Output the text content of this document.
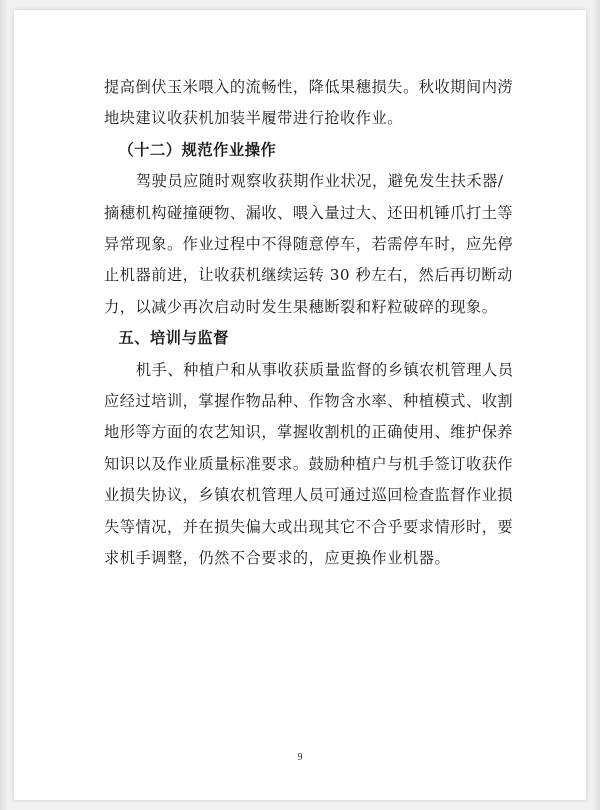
提高倒伏玉米喂入的流畅性，降低果穗损失。秋收期间内涝
地块建议收获机加装半履带进行抢收作业。

（十二）规范作业操作

驾驶员应随时观察收获期作业状况，避免发生扶禾器/
摘穗机构碰撞硬物、漏收、喂入量过大、还田机锤爪打土等
异常现象。作业过程中不得随意停车，若需停车时，应先停
止机器前进，让收获机继续运转 30 秒左右，然后再切断动
力，以减少再次启动时发生果穗断裂和籽粒破碎的现象。

五、培训与监督

机手、种植户和从事收获质量监督的乡镇农机管理人员
应经过培训，掌握作物品种、作物含水率、种植模式、收割
地形等方面的农艺知识，掌握收割机的正确使用、维护保养
知识以及作业质量标准要求。鼓励种植户与机手签订收获作
业损失协议，乡镇农机管理人员可通过巡回检查监督作业损
失等情况，并在损失偏大或出现其它不合乎要求情形时，要
求机手调整，仍然不合要求的，应更换作业机器。

9
